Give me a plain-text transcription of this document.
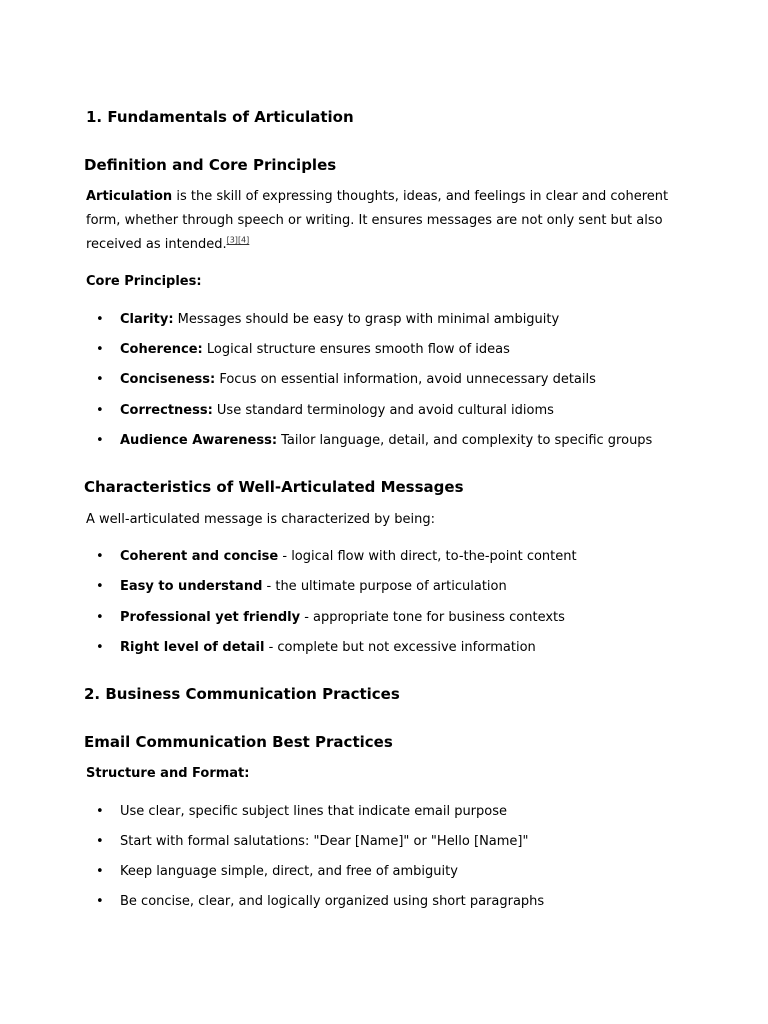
1. Fundamentals of Articulation
Definition and Core Principles
Articulation is the skill of expressing thoughts, ideas, and feelings in clear and coherent form, whether through speech or writing. It ensures messages are not only sent but also received as intended.[3][4]
Core Principles:
• Clarity: Messages should be easy to grasp with minimal ambiguity
• Coherence: Logical structure ensures smooth flow of ideas
• Conciseness: Focus on essential information, avoid unnecessary details
• Correctness: Use standard terminology and avoid cultural idioms
• Audience Awareness: Tailor language, detail, and complexity to specific groups
Characteristics of Well-Articulated Messages
A well-articulated message is characterized by being:
• Coherent and concise - logical flow with direct, to-the-point content
• Easy to understand - the ultimate purpose of articulation
• Professional yet friendly - appropriate tone for business contexts
• Right level of detail - complete but not excessive information
2. Business Communication Practices
Email Communication Best Practices
Structure and Format:
• Use clear, specific subject lines that indicate email purpose
• Start with formal salutations: "Dear [Name]" or "Hello [Name]"
• Keep language simple, direct, and free of ambiguity
• Be concise, clear, and logically organized using short paragraphs
